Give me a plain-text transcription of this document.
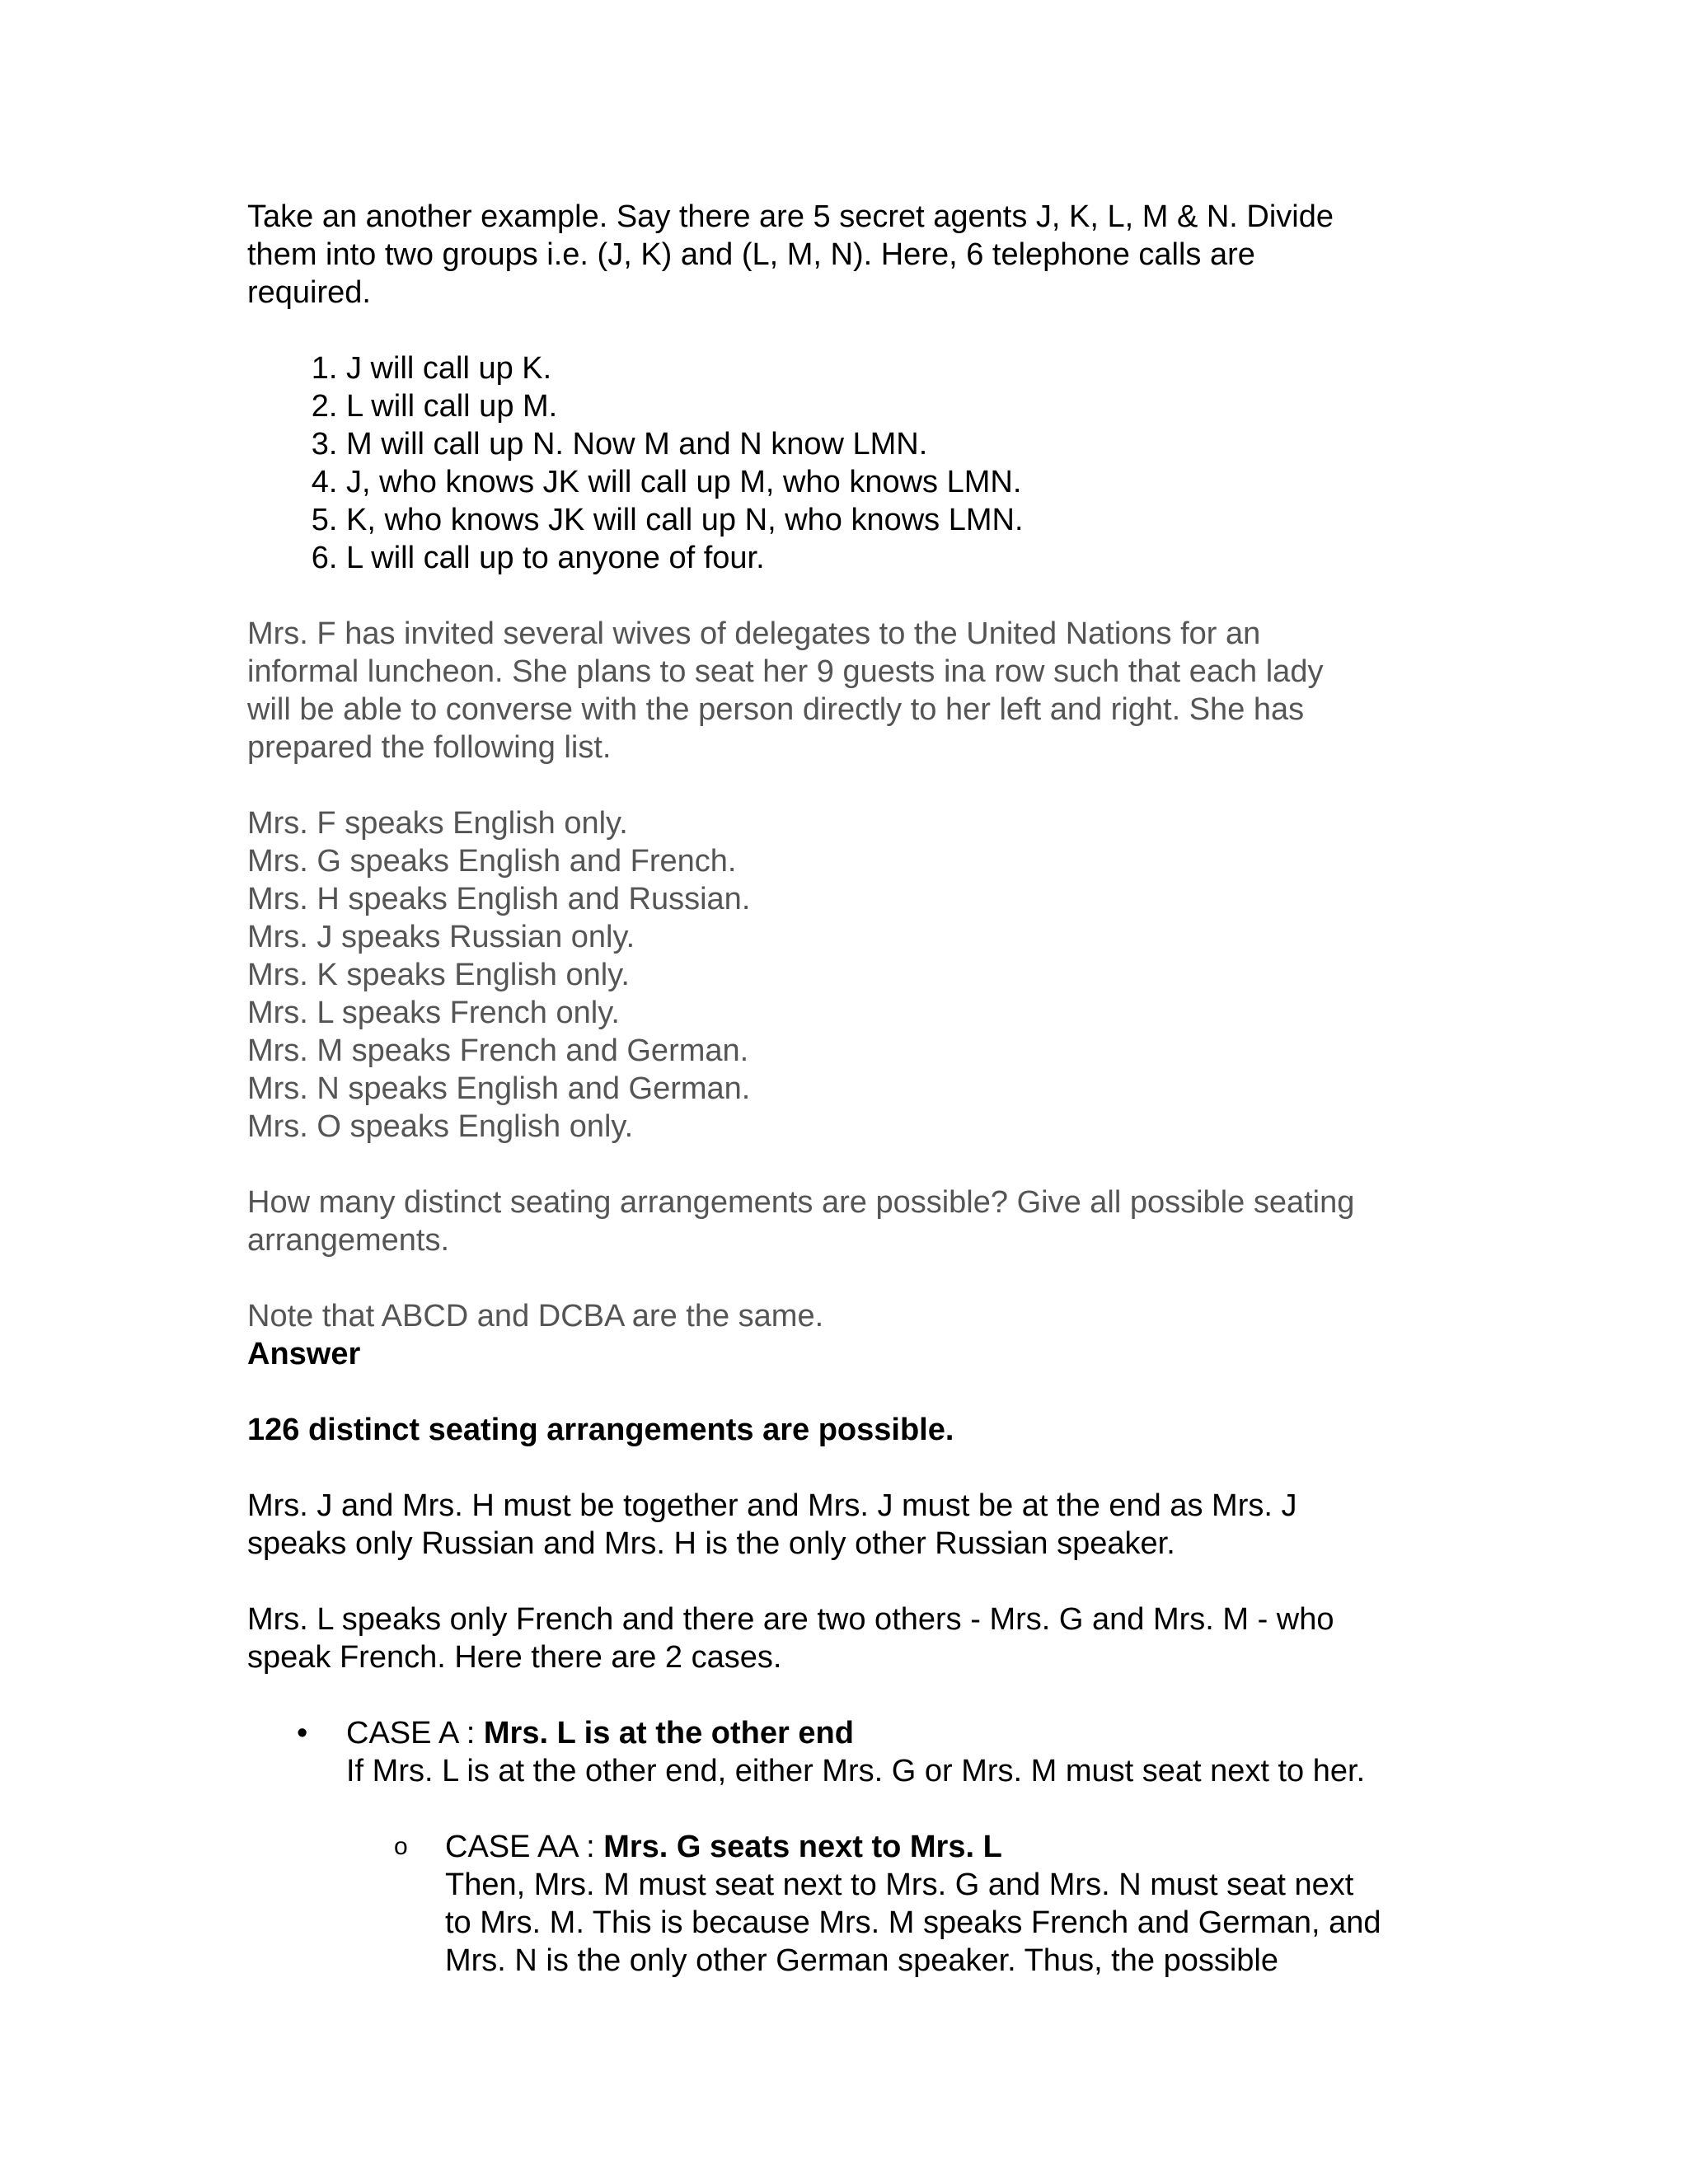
Take an another example. Say there are 5 secret agents J, K, L, M & N. Divide
them into two groups i.e. (J, K) and (L, M, N). Here, 6 telephone calls are
required.

1. J will call up K.
2. L will call up M.
3. M will call up N. Now M and N know LMN.
4. J, who knows JK will call up M, who knows LMN.
5. K, who knows JK will call up N, who knows LMN.
6. L will call up to anyone of four.

Mrs. F has invited several wives of delegates to the United Nations for an
informal luncheon. She plans to seat her 9 guests ina row such that each lady
will be able to converse with the person directly to her left and right. She has
prepared the following list.

Mrs. F speaks English only.
Mrs. G speaks English and French.
Mrs. H speaks English and Russian.
Mrs. J speaks Russian only.
Mrs. K speaks English only.
Mrs. L speaks French only.
Mrs. M speaks French and German.
Mrs. N speaks English and German.
Mrs. O speaks English only.

How many distinct seating arrangements are possible? Give all possible seating
arrangements.

Note that ABCD and DCBA are the same.

Answer

126 distinct seating arrangements are possible.

Mrs. J and Mrs. H must be together and Mrs. J must be at the end as Mrs. J
speaks only Russian and Mrs. H is the only other Russian speaker.

Mrs. L speaks only French and there are two others - Mrs. G and Mrs. M - who
speak French. Here there are 2 cases.

• CASE A : Mrs. L is at the other end
If Mrs. L is at the other end, either Mrs. G or Mrs. M must seat next to her.
o CASE AA : Mrs. G seats next to Mrs. L
Then, Mrs. M must seat next to Mrs. G and Mrs. N must seat next
to Mrs. M. This is because Mrs. M speaks French and German, and
Mrs. N is the only other German speaker. Thus, the possible
